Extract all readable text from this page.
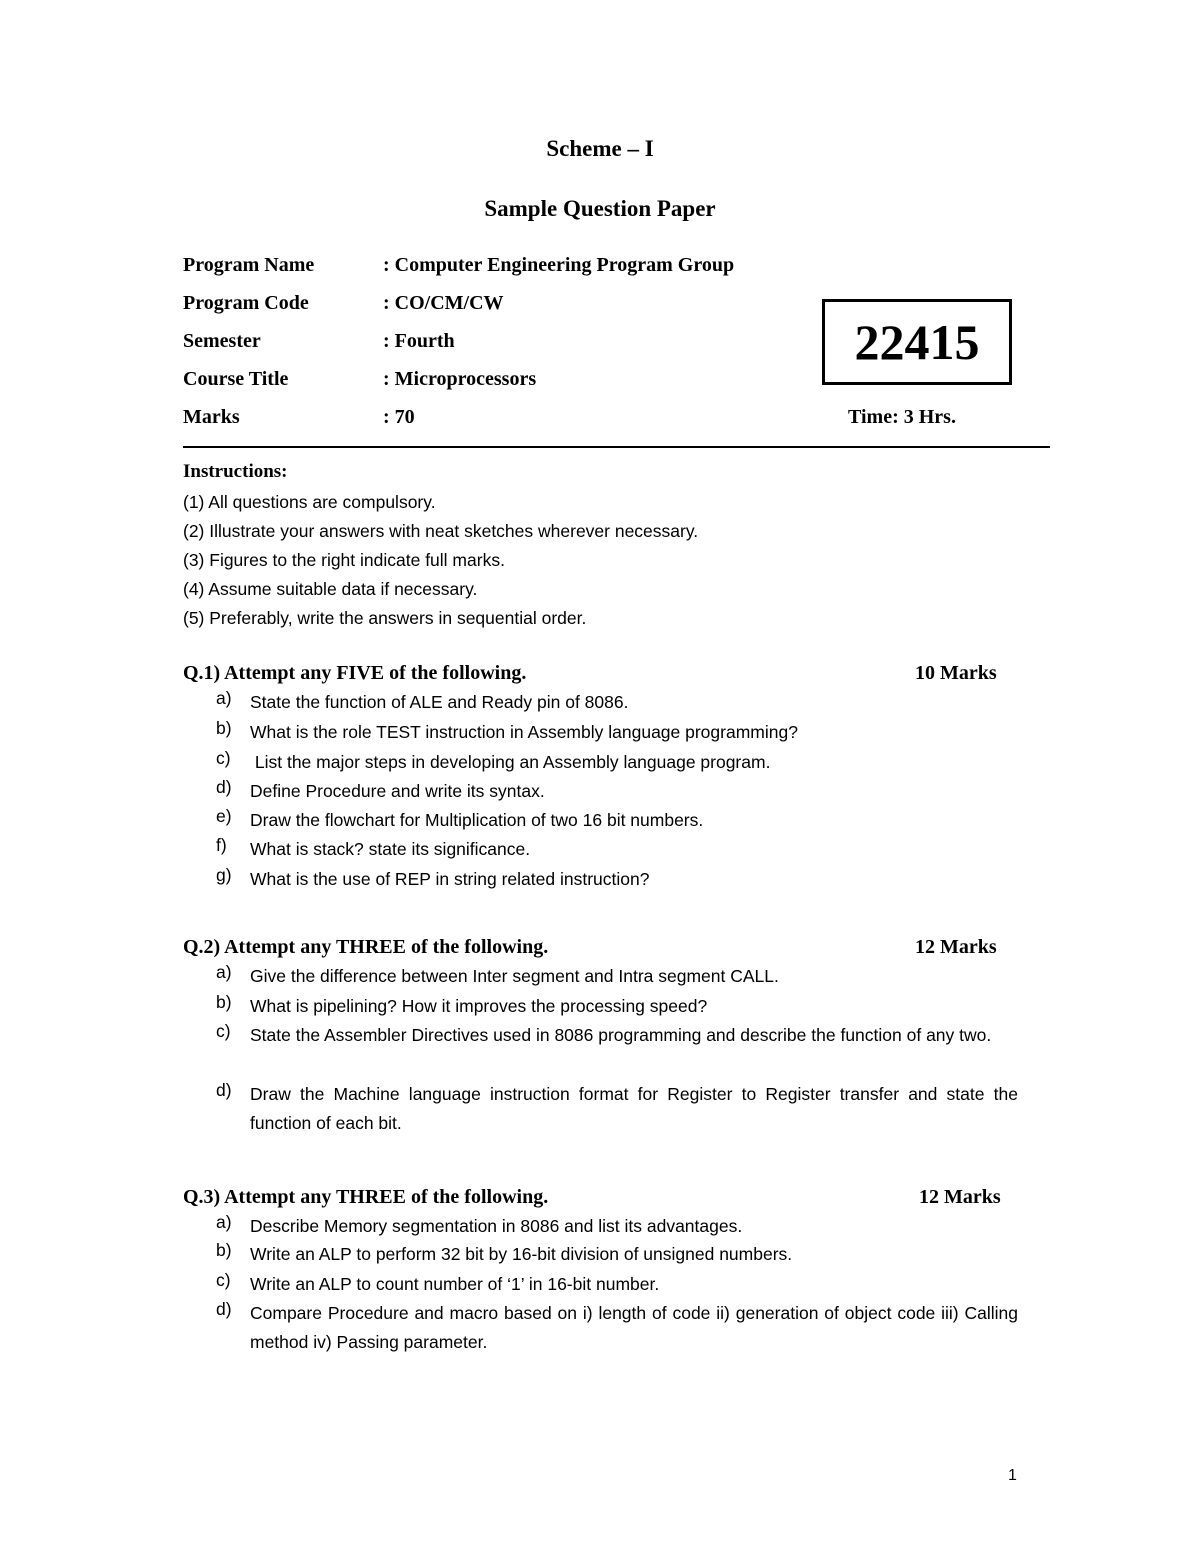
Scheme – I
Sample Question Paper
Program Name	: Computer Engineering Program Group
Program Code	: CO/CM/CW
Semester	: Fourth
Course Title	: Microprocessors
Marks	: 70
22415
Time: 3 Hrs.
Instructions:
(1) All questions are compulsory.
(2) Illustrate your answers with neat sketches wherever necessary.
(3) Figures to the right indicate full marks.
(4) Assume suitable data if necessary.
(5) Preferably, write the answers in sequential order.
Q.1) Attempt any FIVE of the following.	10 Marks
a)	State the function of ALE and Ready pin of 8086.
b)	What is the role TEST instruction in Assembly language programming?
c)	List the major steps in developing an Assembly language program.
d)	Define Procedure and write its syntax.
e)	Draw the flowchart for Multiplication of two 16 bit numbers.
f)	What is stack? state its significance.
g)	What is the use of REP in string related instruction?
Q.2) Attempt any THREE of the following.	12 Marks
a)	Give the difference between Inter segment and Intra segment CALL.
b)	What is pipelining? How it improves the processing speed?
c)	State the Assembler Directives used in 8086 programming and describe the function of any two.
d)	Draw the Machine language instruction format for Register to Register transfer and state the function of each bit.
Q.3) Attempt any THREE of the following.	12 Marks
a)	Describe Memory segmentation in 8086 and list its advantages.
b)	Write an ALP to perform 32 bit by 16-bit division of unsigned numbers.
c)	Write an ALP to count number of ‘1’ in 16-bit number.
d)	Compare Procedure and macro based on i) length of code ii) generation of object code iii) Calling method iv) Passing parameter.
1
